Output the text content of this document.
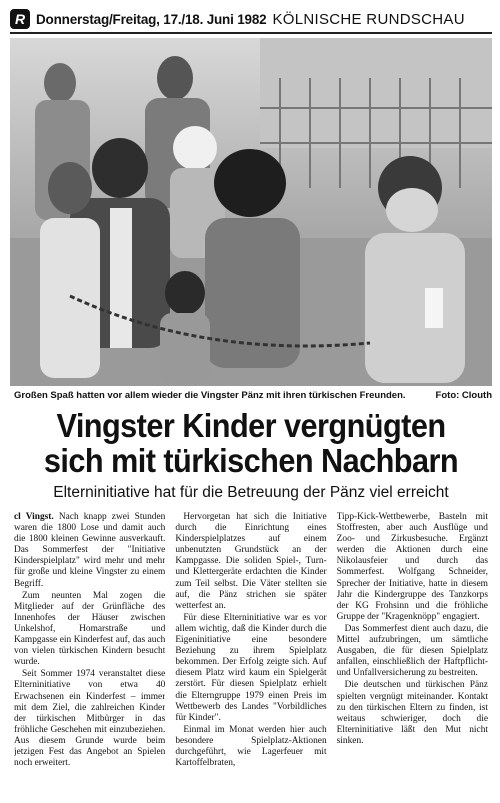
R Donnerstag/Freitag, 17./18. Juni 1982 KÖLNISCHE RUNDSCHAU
Großen Spaß hatten vor allem wieder die Vingster Pänz mit ihren türkischen Freunden.	Foto: Clouth
Vingster Kinder vergnügten
sich mit türkischen Nachbarn
Elterninitiative hat für die Betreuung der Pänz viel erreicht

cl Vingst. Nach knapp zwei Stunden waren die 1800 Lose und damit auch die 1800 kleinen Gewinne ausverkauft. Das Sommerfest der "Initiative Kinderspielplatz" wird mehr und mehr für große und kleine Vingster zu einem Begriff.

Zum neunten Mal zogen die Mitglieder auf der Grünfläche des Innenhofes der Häuser zwischen Unkelshof, Homarstraße und Kampgasse ein Kinderfest auf, das auch von vielen türkischen Kindern besucht wurde.

Seit Sommer 1974 veranstaltet diese Elterninitiative von etwa 40 Erwachsenen ein Kinderfest – immer mit dem Ziel, die zahlreichen Kinder der türkischen Mitbürger in das fröhliche Geschehen mit einzubeziehen. Aus diesem Grunde wurde beim jetzigen Fest das Angebot an Spielen noch erweitert.

Hervorgetan hat sich die Initiative durch die Einrichtung eines Kinderspielplatzes auf einem unbenutzten Grundstück an der Kampgasse. Die soliden Spiel-, Turn- und Klettergeräte erdachten die Kinder zum Teil selbst. Die Väter stellten sie auf, die Pänz strichen sie später wetterfest an.

Für diese Elterninitiative war es vor allem wichtig, daß die Kinder durch die Eigeninitiative eine besondere Beziehung zu ihrem Spielplatz bekommen. Der Erfolg zeigte sich. Auf diesem Platz wird kaum ein Spielgerät zerstört. Für diesen Spielplatz erhielt die Elterngruppe 1979 einen Preis im Wettbewerb des Landes "Vorbildliches für Kinder".

Einmal im Monat werden hier auch besondere Spielplatz-Aktionen durchgeführt, wie Lagerfeuer mit Kartoffelbraten,

Tipp-Kick-Wettbewerbe, Basteln mit Stoffresten, aber auch Ausflüge und Zoo- und Zirkusbesuche. Ergänzt werden die Aktionen durch eine Nikolausfeier und durch das Sommerfest. Wolfgang Schneider, Sprecher der Initiative, hatte in diesem Jahr die Kindergruppe des Tanzkorps der KG Frohsinn und die fröhliche Gruppe der "Kragenknöpp" engagiert.

Das Sommerfest dient auch dazu, die Mittel aufzubringen, um sämtliche Ausgaben, die für diesen Spielplatz anfallen, einschließlich der Haftpflicht- und Unfallversicherung zu bestreiten.

Die deutschen und türkischen Pänz spielten vergnügt miteinander. Kontakt zu den türkischen Eltern zu finden, ist weitaus schwieriger, doch die Elterninitiative läßt den Mut nicht sinken.
